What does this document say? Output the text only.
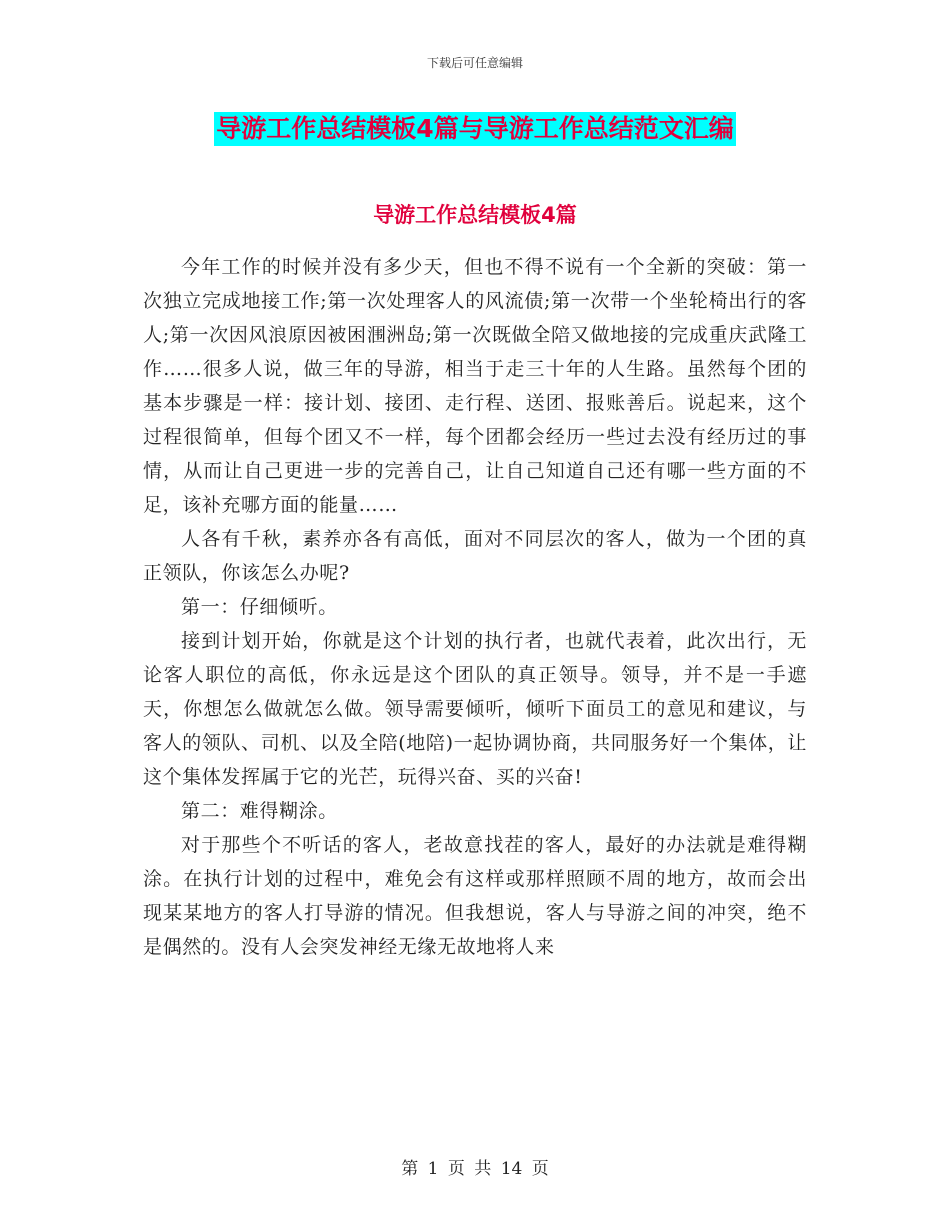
下载后可任意编辑
导游工作总结模板4篇与导游工作总结范文汇编
导游工作总结模板4篇

今年工作的时候并没有多少天，但也不得不说有一个全新的突破：第一次独立完成地接工作;第一次处理客人的风流债;第一次带一个坐轮椅出行的客人;第一次因风浪原因被困涠洲岛;第一次既做全陪又做地接的完成重庆武隆工作……很多人说，做三年的导游，相当于走三十年的人生路。虽然每个团的基本步骤是一样：接计划、接团、走行程、送团、报账善后。说起来，这个过程很简单，但每个团又不一样，每个团都会经历一些过去没有经历过的事情，从而让自己更进一步的完善自己，让自己知道自己还有哪一些方面的不足，该补充哪方面的能量……

人各有千秋，素养亦各有高低，面对不同层次的客人，做为一个团的真正领队，你该怎么办呢?

第一：仔细倾听。

接到计划开始，你就是这个计划的执行者，也就代表着，此次出行，无论客人职位的高低，你永远是这个团队的真正领导。领导，并不是一手遮天，你想怎么做就怎么做。领导需要倾听，倾听下面员工的意见和建议，与客人的领队、司机、以及全陪(地陪)一起协调协商，共同服务好一个集体，让这个集体发挥属于它的光芒，玩得兴奋、买的兴奋!

第二：难得糊涂。

对于那些个不听话的客人，老故意找茬的客人，最好的办法就是难得糊涂。在执行计划的过程中，难免会有这样或那样照顾不周的地方，故而会出现某某地方的客人打导游的情况。但我想说，客人与导游之间的冲突，绝不是偶然的。没有人会突发神经无缘无故地将人来

第 1 页 共 14 页
